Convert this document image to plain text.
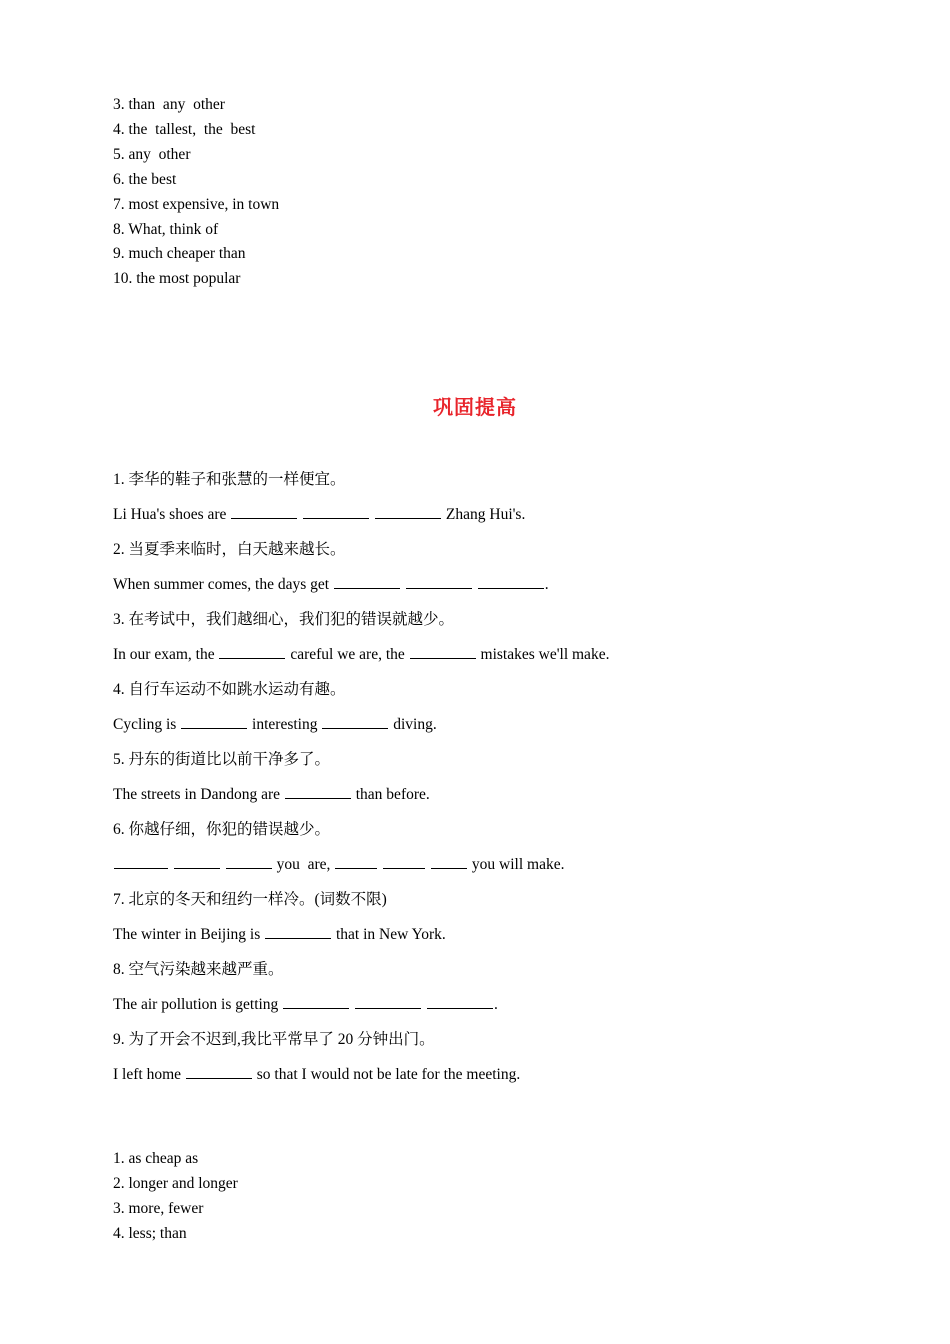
3. than  any  other
4. the  tallest,  the  best
5. any  other
6. the best
7. most expensive, in town
8. What, think of
9. much cheaper than
10. the most popular
巩固提高
1. 李华的鞋子和张慧的一样便宜。
Li Hua's shoes are	Zhang Hui's.
2. 当夏季来临时，白天越来越长。
When summer comes, the days get	.
3. 在考试中，我们越细心，我们犯的错误就越少。
In our exam, the	careful we are, the	mistakes we'll make.
4. 自行车运动不如跳水运动有趣。
Cycling is	interesting	diving.
5. 丹东的街道比以前干净多了。
The streets in Dandong are	than before.
6. 你越仔细，你犯的错误越少。
you  are,	you will make.
7. 北京的冬天和纽约一样冷。(词数不限)
The winter in Beijing is	that in New York.
8. 空气污染越来越严重。
The air pollution is getting	.
9. 为了开会不迟到,我比平常早了 20 分钟出门。
I left home	so that I would not be late for the meeting.
1. as cheap as
2. longer and longer
3. more, fewer
4. less; than
